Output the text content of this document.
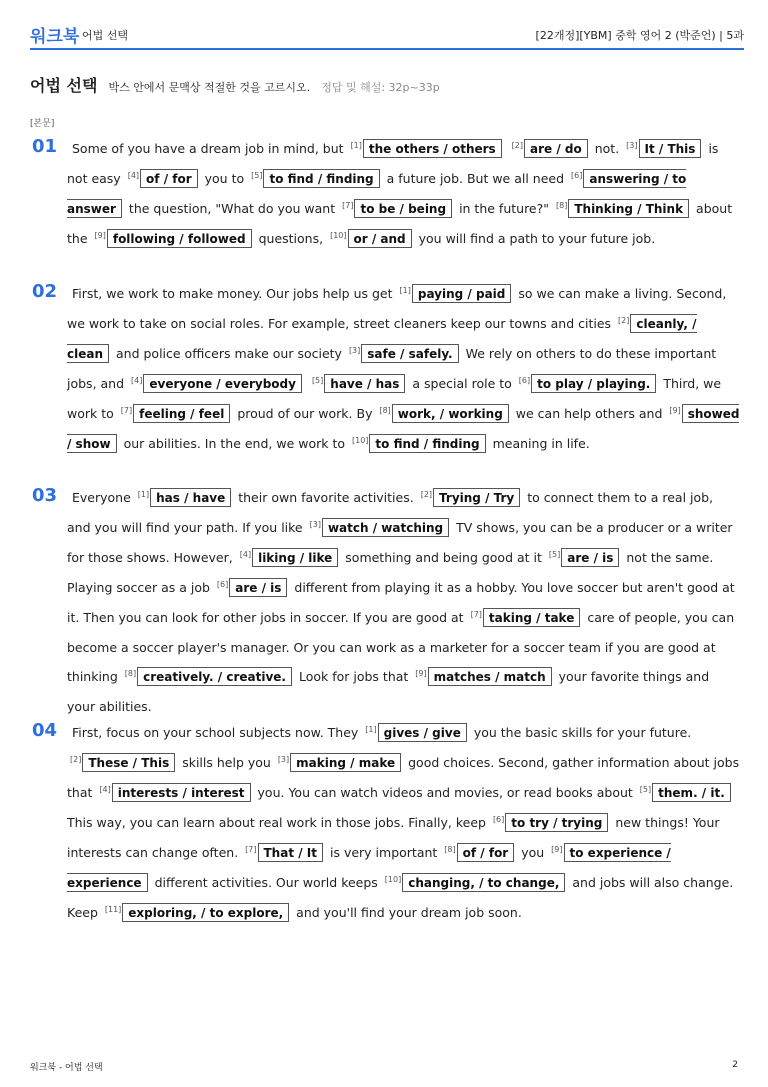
워크북 어법 선택	[22개정][YBM] 중학 영어 2 (박준언) | 5과
어법 선택 박스 안에서 문맥상 적절한 것을 고르시오. 정답 및 해설: 32p~33p
[본문]
01	Some of you have a dream job in mind, but [1] the others / others [2] are / do not. [3] It / This is not easy [4] of / for you to [5] to find / finding a future job. But we all need [6] answering / to answer the question, "What do you want [7] to be / being in the future?" [8] Thinking / Think about the [9] following / followed questions, [10] or / and you will find a path to your future job.
02	First, we work to make money. Our jobs help us get [1] paying / paid so we can make a living. Second, we work to take on social roles. For example, street cleaners keep our towns and cities [2] cleanly, / clean and police officers make our society [3] safe / safely. We rely on others to do these important jobs, and [4] everyone / everybody [5] have / has a special role to [6] to play / playing. Third, we work to [7] feeling / feel proud of our work. By [8] work, / working we can help others and [9] showed / show our abilities. In the end, we work to [10] to find / finding meaning in life.
03	Everyone [1] has / have their own favorite activities. [2] Trying / Try to connect them to a real job, and you will find your path. If you like [3] watch / watching TV shows, you can be a producer or a writer for those shows. However, [4] liking / like something and being good at it [5] are / is not the same. Playing soccer as a job [6] are / is different from playing it as a hobby. You love soccer but aren't good at it. Then you can look for other jobs in soccer. If you are good at [7] taking / take care of people, you can become a soccer player's manager. Or you can work as a marketer for a soccer team if you are good at thinking [8] creatively. / creative. Look for jobs that [9] matches / match your favorite things and your abilities.
04	First, focus on your school subjects now. They [1] gives / give you the basic skills for your future. [2] These / This skills help you [3] making / make good choices. Second, gather information about jobs that [4] interests / interest you. You can watch videos and movies, or read books about [5] them. / it. This way, you can learn about real work in those jobs. Finally, keep [6] to try / trying new things! Your interests can change often. [7] That / It is very important [8] of / for you [9] to experience / experience different activities. Our world keeps [10] changing, / to change, and jobs will also change. Keep [11] exploring, / to explore, and you'll find your dream job soon.
워크북 - 어법 선택	2
